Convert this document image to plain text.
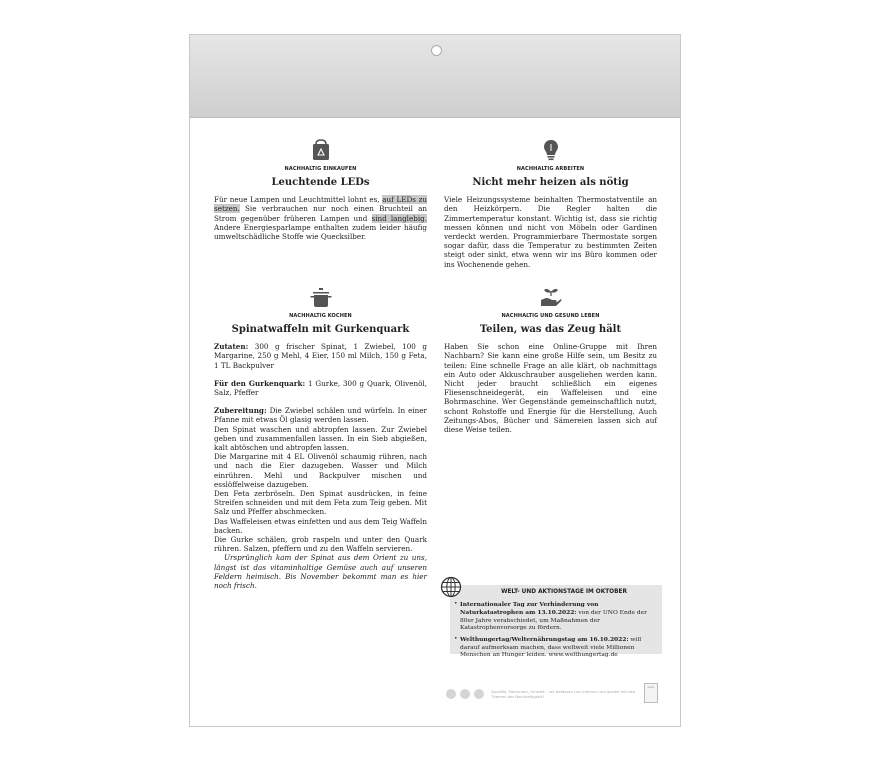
NACHHALTIG EINKAUFEN
Leuchtende LEDs

Für neue Lampen und Leuchtmittel lohnt es, auf LEDs zu setzen. Sie verbrauchen nur noch einen Bruchteil an Strom gegenüber früheren Lampen und sind langlebig. Andere Energiesparlampe enthalten zudem leider häufig umweltschädliche Stoffe wie Quecksilber.

NACHHALTIG ARBEITEN
Nicht mehr heizen als nötig

Viele Heizungssysteme beinhalten Thermostatventile an den Heizkörpern. Die Regler halten die Zimmertemperatur konstant. Wichtig ist, dass sie richtig messen können und nicht von Möbeln oder Gardinen verdeckt werden. Programmierbare Thermostate sorgen sogar dafür, dass die Temperatur zu bestimmten Zeiten steigt oder sinkt, etwa wenn wir ins Büro kommen oder ins Wochenende gehen.

NACHHALTIG KOCHEN
Spinatwaffeln mit Gurkenquark

Zutaten: 300 g frischer Spinat, 1 Zwiebel, 100 g Margarine, 250 g Mehl, 4 Eier, 150 ml Milch, 150 g Feta, 1 TL Backpulver

Für den Gurkenquark: 1 Gurke, 300 g Quark, Olivenöl, Salz, Pfeffer

Zubereitung: Die Zwiebel schälen und würfeln. In einer Pfanne mit etwas Öl glasig werden lassen.

Den Spinat waschen und abtropfen lassen. Zur Zwiebel geben und zusammenfallen lassen. In ein Sieb abgießen, kalt abtöschen und abtropfen lassen.

Die Margarine mit 4 EL Olivenöl schaumig rühren, nach und nach die Eier dazugeben. Wasser und Milch einrühren. Mehl und Backpulver mischen und esslöffelweise dazugeben.

Den Feta zerbröseln. Den Spinat ausdrücken, in feine Streifen schneiden und mit dem Feta zum Teig geben. Mit Salz und Pfeffer abschmecken.

Das Waffeleisen etwas einfetten und aus dem Teig Waffeln backen.

Die Gurke schälen, grob raspeln und unter den Quark rühren. Salzen, pfeffern und zu den Waffeln servieren.

Ursprünglich kam der Spinat aus dem Orient zu uns, längst ist das vitaminhaltige Gemüse auch auf unseren Feldern heimisch. Bis November bekommt man es hier noch frisch.

NACHHALTIG UND GESUND LEBEN
Teilen, was das Zeug hält

Haben Sie schon eine Online-Gruppe mit Ihren Nachbarn? Sie kann eine große Hilfe sein, um Besitz zu teilen: Eine schnelle Frage an alle klärt, ob nachmittags ein Auto oder Akkuschrauber ausgeliehen werden kann. Nicht jeder braucht schließlich ein eigenes Fliesenschneidegerät, ein Waffeleisen und eine Bohrmaschine. Wer Gegenstände gemeinschaftlich nutzt, schont Rohstoffe und Energie für die Herstellung. Auch Zeitungs-Abos, Bücher und Sämereien lassen sich auf diese Weise teilen.

WELT- UND AKTIONSTAGE IM OKTOBER
• Internationaler Tag zur Verhinderung von Naturkatastrophen am 13.10.2022: von der UNO Ende der 80er Jahre verabschiedet, um Maßnahmen der Katastrophenvorsorge zu fördern.
• Welthungertag/Welternährungstag am 16.10.2022: will darauf aufmerksam machen, dass weltweit viele Millionen Menschen an Hunger leiden. www.welthungertag.de
Qualität, Menschen, Umwelt – wir befassen uns intensiv und gezielt mit den Themen der Nachhaltigkeit!
seller
